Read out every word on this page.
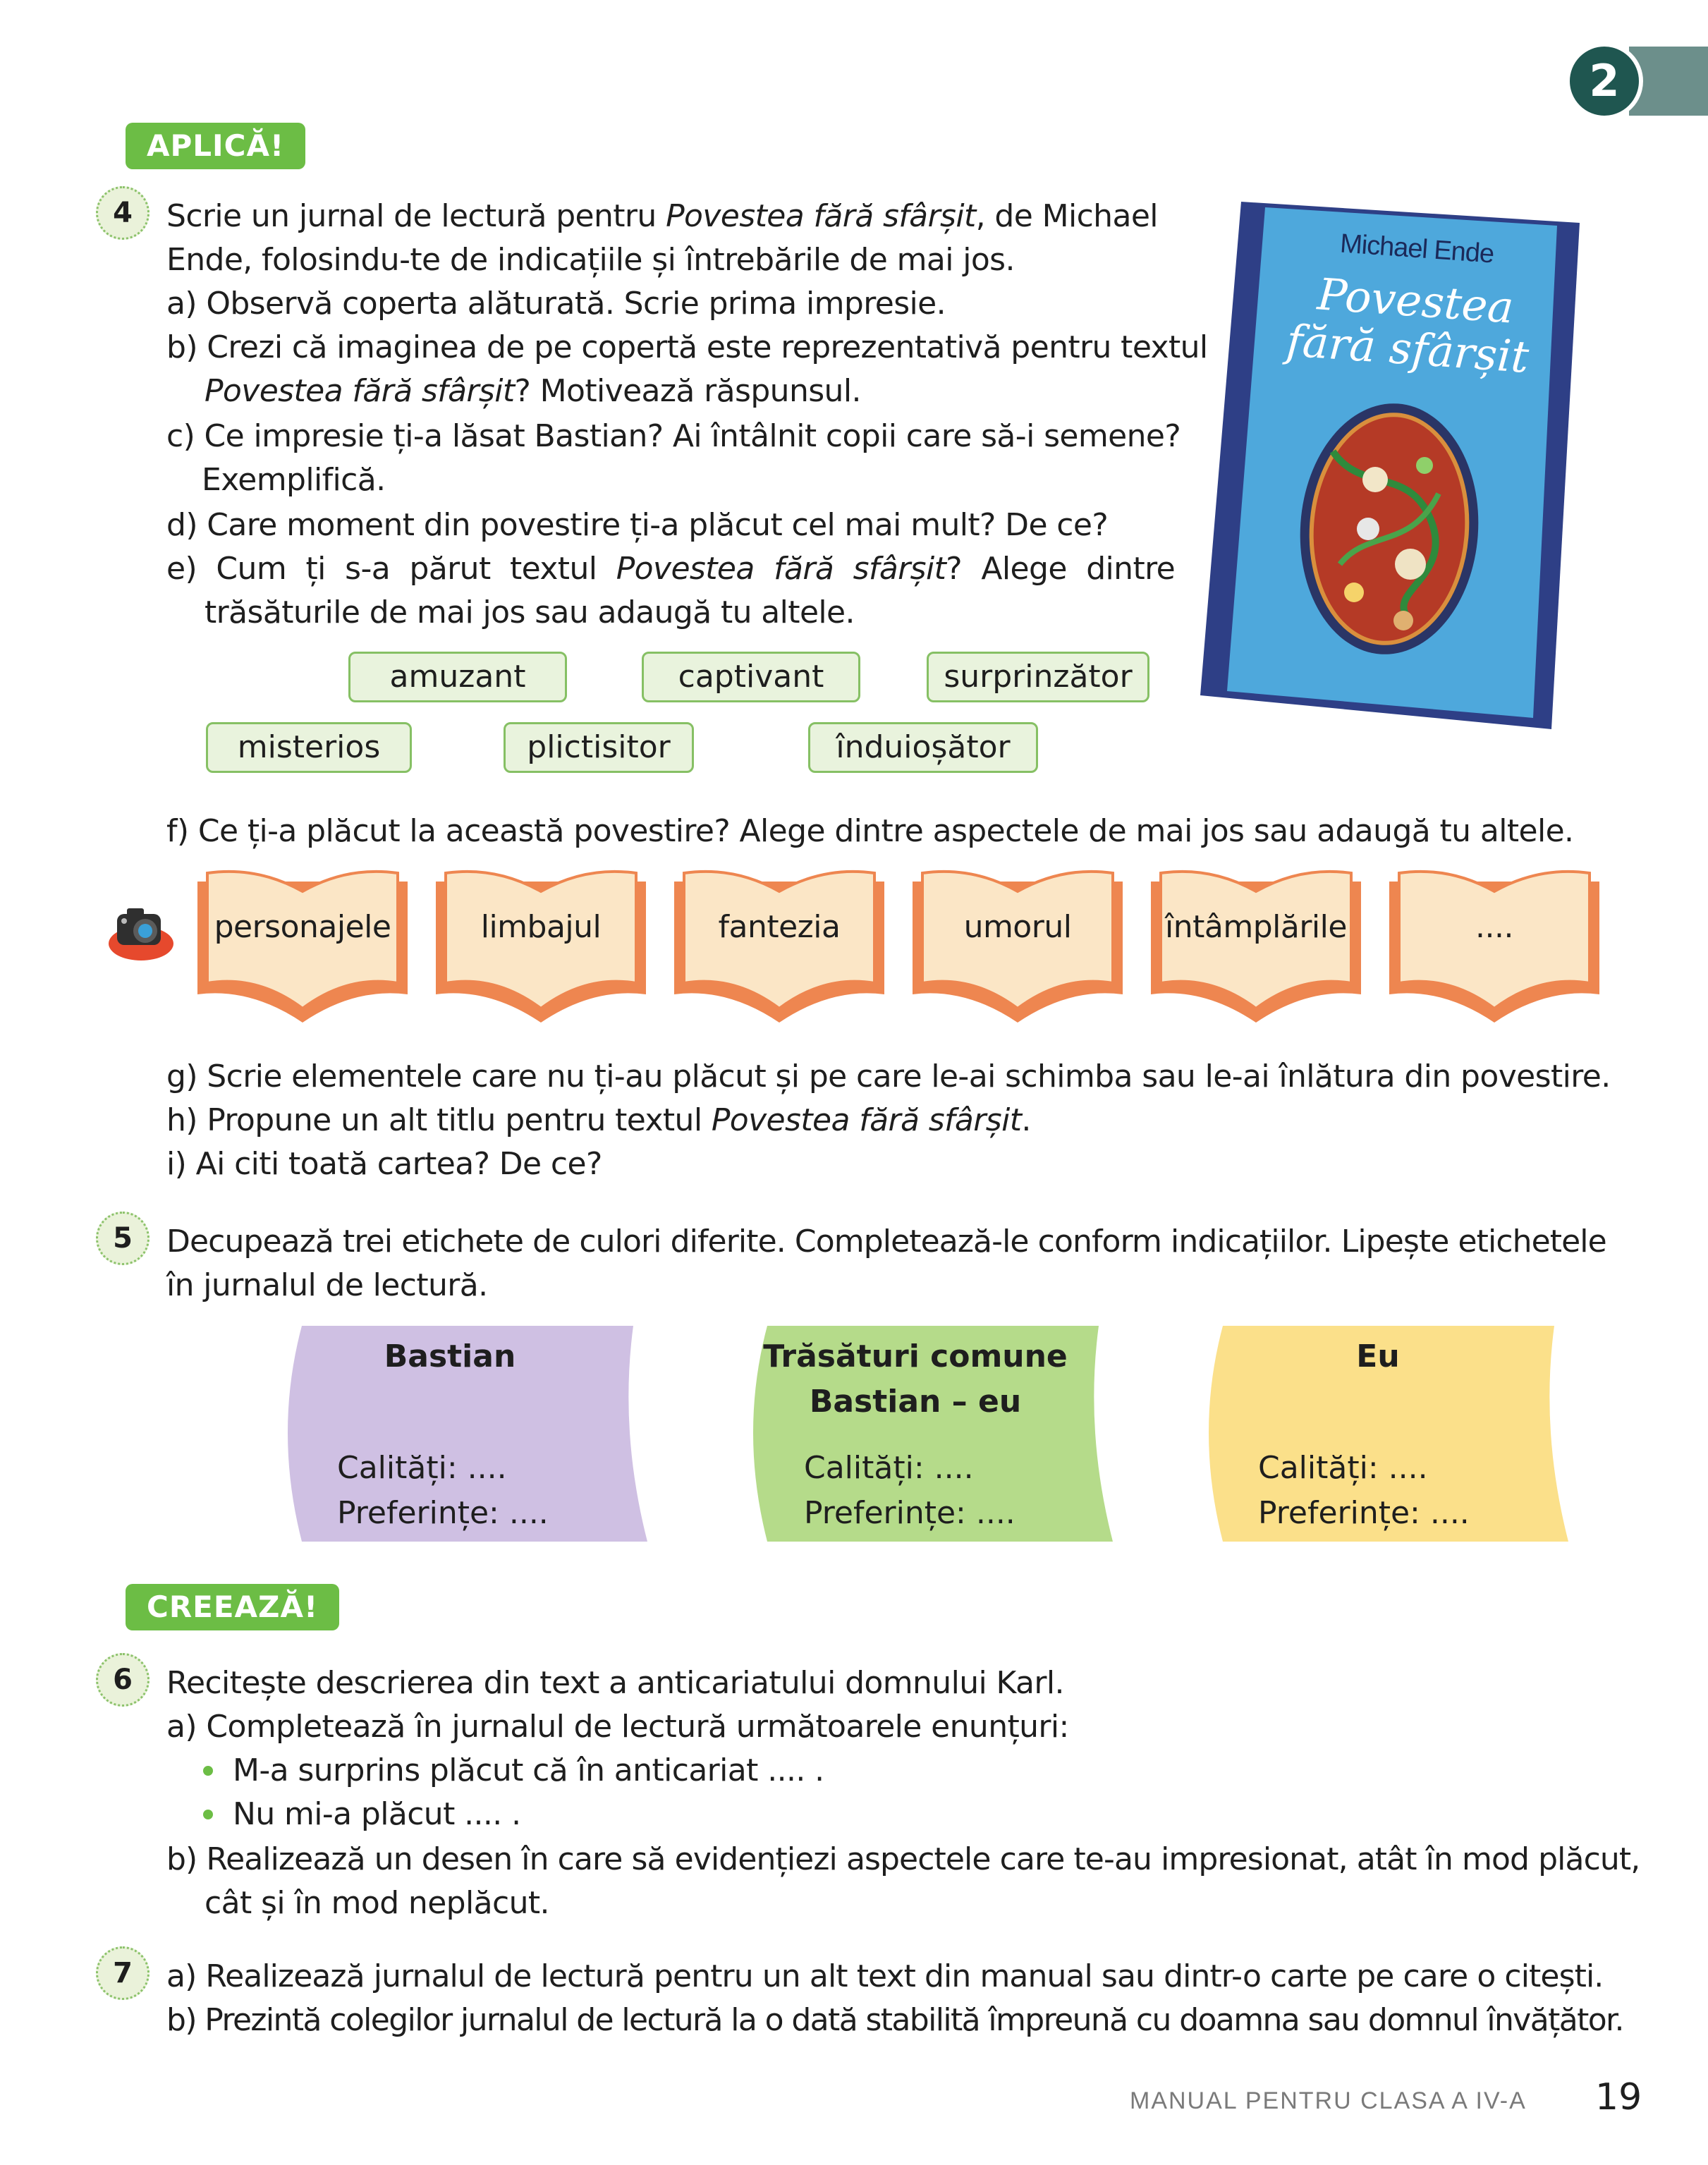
2
APLICĂ!
4	Scrie un jurnal de lectură pentru Povestea fără sfârșit, de Michael
Ende, folosindu-te de indicațiile și întrebările de mai jos.
a) Observă coperta alăturată. Scrie prima impresie.
b) Crezi că imaginea de pe copertă este reprezentativă pentru textul
Povestea fără sfârșit? Motivează răspunsul.
c) Ce impresie ți-a lăsat Bastian? Ai întâlnit copii care să-i semene?
Exemplifică.
d) Care moment din povestire ți-a plăcut cel mai mult? De ce?
e) Cum ți s-a părut textul Povestea fără sfârșit? Alege dintre
trăsăturile de mai jos sau adaugă tu altele.
amuzant	captivant	surprinzător
misterios	plictisitor	înduioșător
Michael Ende
Povestea
fără sfârșit
f) Ce ți-a plăcut la această povestire? Alege dintre aspectele de mai jos sau adaugă tu altele.
personajele	limbajul	fantezia	umorul	întâmplările	....
g) Scrie elementele care nu ți-au plăcut și pe care le-ai schimba sau le-ai înlătura din povestire.
h) Propune un alt titlu pentru textul Povestea fără sfârșit.
i) Ai citi toată cartea? De ce?
5	Decupează trei etichete de culori diferite. Completează-le conform indicațiilor. Lipește etichetele
în jurnalul de lectură.
Bastian
Calități: ....
Preferințe: ....
Trăsături comune
Bastian – eu
Calități: ....
Preferințe: ....
Eu
Calități: ....
Preferințe: ....
CREEAZĂ!
6	Recitește descrierea din text a anticariatului domnului Karl.
a) Completează în jurnalul de lectură următoarele enunțuri:
M-a surprins plăcut că în anticariat .... .
Nu mi-a plăcut .... .
b) Realizează un desen în care să evidențiezi aspectele care te-au impresionat, atât în mod plăcut,
cât și în mod neplăcut.
7	a) Realizează jurnalul de lectură pentru un alt text din manual sau dintr-o carte pe care o citești.
b) Prezintă colegilor jurnalul de lectură la o dată stabilită împreună cu doamna sau domnul învățător.
MANUAL PENTRU CLASA A IV-A 19
